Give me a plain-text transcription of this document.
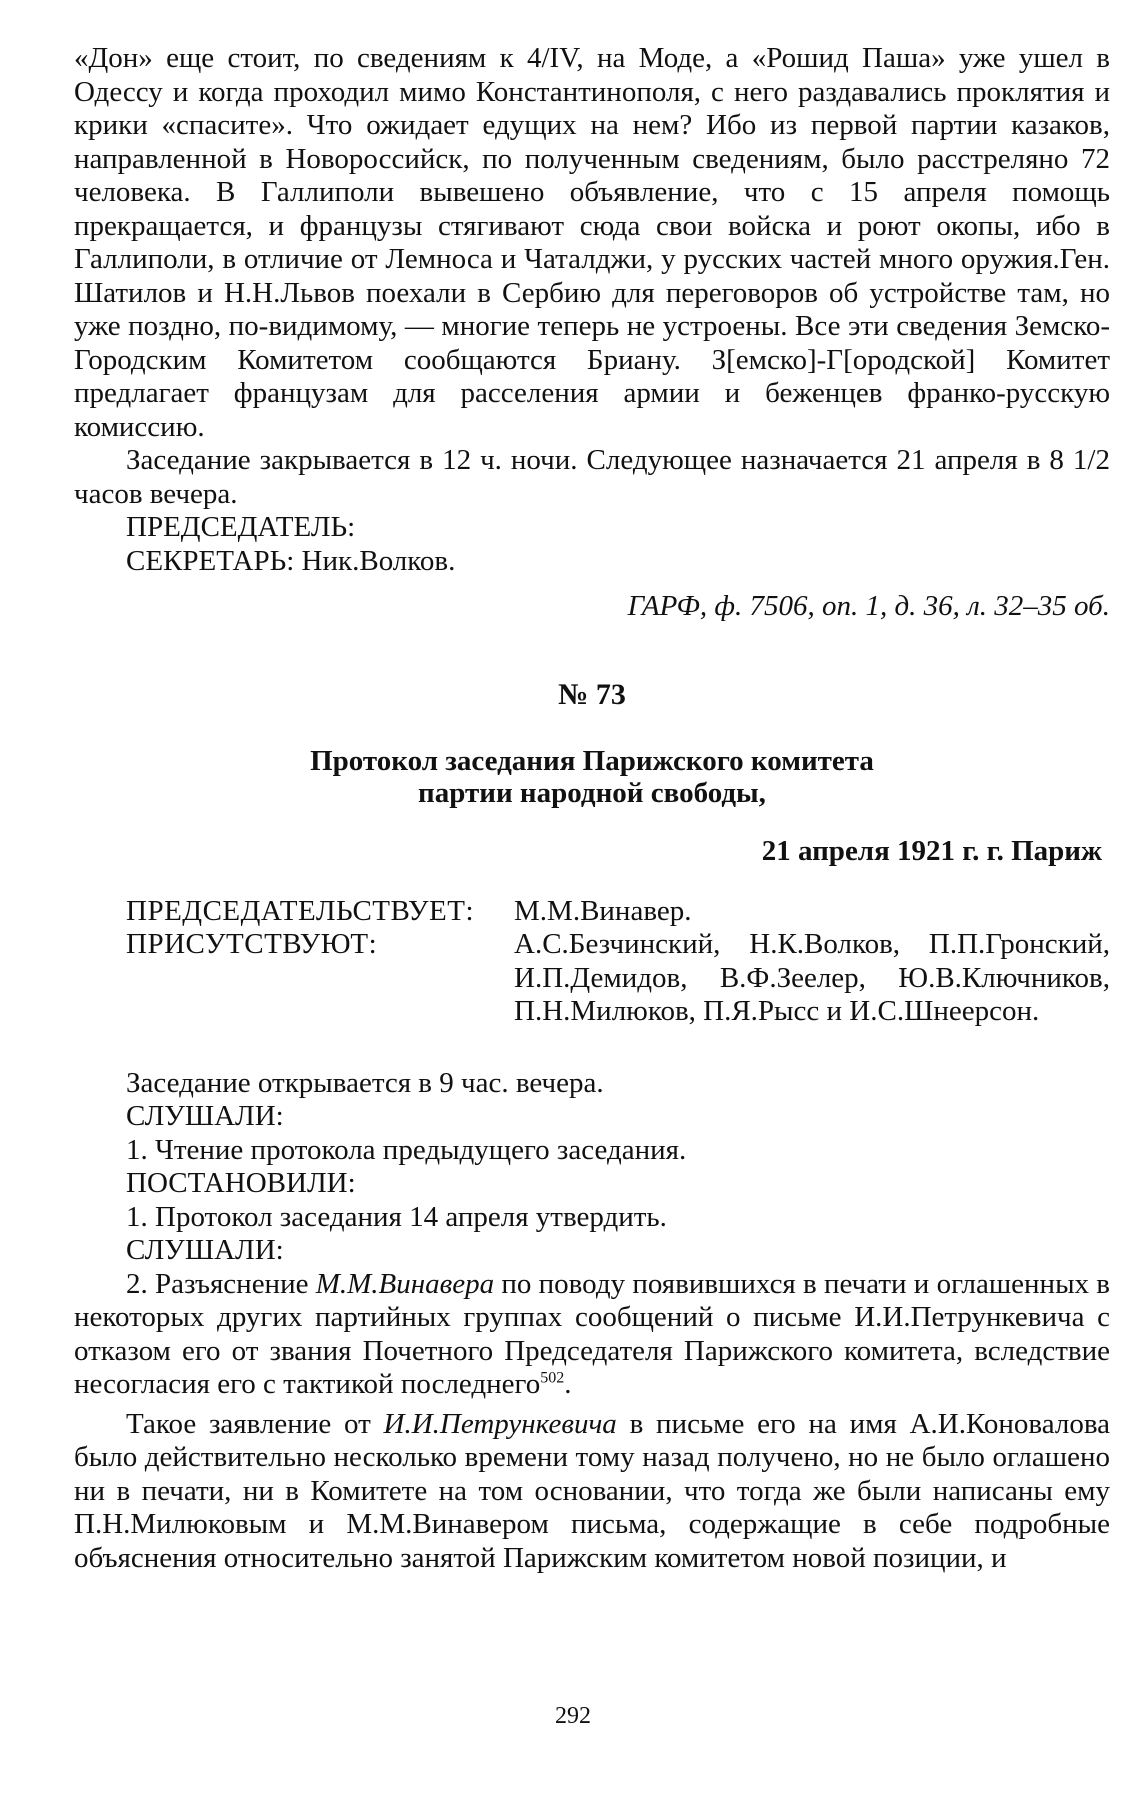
«Дон» еще стоит, по сведениям к 4/IV, на Моде, а «Рошид Паша» уже ушел в Одессу и когда проходил мимо Константинополя, с него раздавались проклятия и крики «спасите». Что ожидает едущих на нем? Ибо из первой партии казаков, направленной в Новороссийск, по полученным сведениям, было расстреляно 72 человека. В Галлиполи вывешено объявление, что с 15 апреля помощь прекращается, и французы стягивают сюда свои войска и роют окопы, ибо в Галлиполи, в отличие от Лемноса и Чаталджи, у русских частей много оружия.Ген. Шатилов и Н.Н.Львов поехали в Сербию для переговоров об устройстве там, но уже поздно, по-видимому, — многие теперь не устроены. Все эти сведения Земско-Городским Комитетом сообщаются Бриану. З[емско]-Г[ородской] Комитет предлагает французам для расселения армии и беженцев франко-русскую комиссию.

Заседание закрывается в 12 ч. ночи. Следующее назначается 21 апреля в 8 1/2 часов вечера.

ПРЕДСЕДАТЕЛЬ:

СЕКРЕТАРЬ: Ник.Волков.

ГАРФ, ф. 7506, оп. 1, д. 36, л. 32–35 об.

№ 73

Протокол заседания Парижского комитета
партии народной свободы,

21 апреля 1921 г. г. Париж

ПРЕДСЕДАТЕЛЬСТВУЕТ:	М.М.Винавер.
ПРИСУТСТВУЮТ:	А.С.Безчинский, Н.К.Волков, П.П.Гронский, И.П.Демидов, В.Ф.Зеелер, Ю.В.Ключников, П.Н.Милюков, П.Я.Рысс и И.С.Шнеерсон.

Заседание открывается в 9 час. вечера.

СЛУШАЛИ:

1. Чтение протокола предыдущего заседания.

ПОСТАНОВИЛИ:

1. Протокол заседания 14 апреля утвердить.

СЛУШАЛИ:

2. Разъяснение М.М.Винавера по поводу появившихся в печати и оглашенных в некоторых других партийных группах сообщений о письме И.И.Петрункевича с отказом его от звания Почетного Председателя Парижского комитета, вследствие несогласия его с тактикой последнего$^{502}$.

Такое заявление от И.И.Петрункевича в письме его на имя А.И.Коновалова было действительно несколько времени тому назад получено, но не было оглашено ни в печати, ни в Комитете на том основании, что тогда же были написаны ему П.Н.Милюковым и М.М.Винавером письма, содержащие в себе подробные объяснения относительно занятой Парижским комитетом новой позиции, и

292
